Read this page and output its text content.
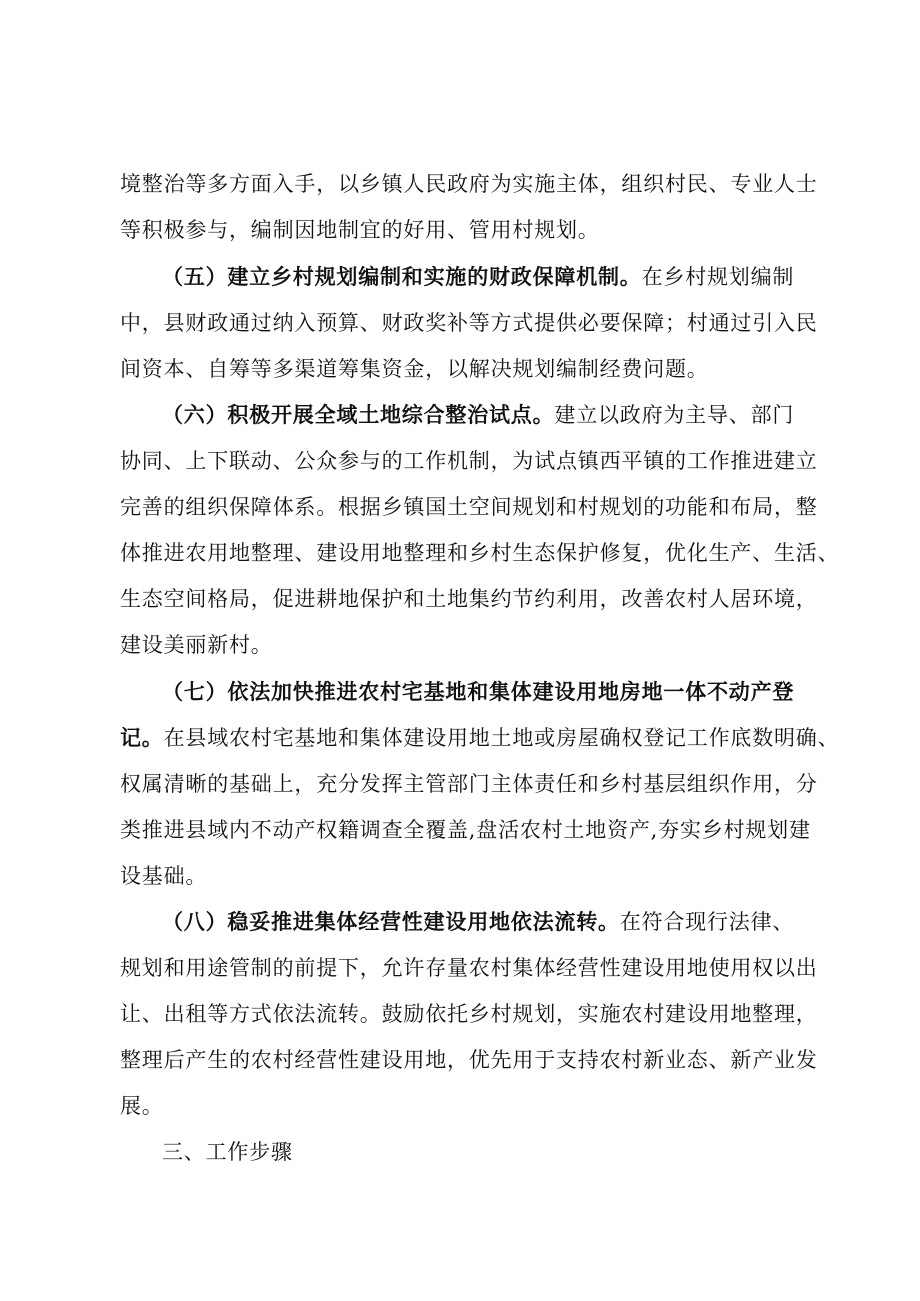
境整治等多方面入手，以乡镇人民政府为实施主体，组织村民、专业人士
等积极参与，编制因地制宜的好用、管用村规划。
（五）建立乡村规划编制和实施的财政保障机制。在乡村规划编制
中，县财政通过纳入预算、财政奖补等方式提供必要保障；村通过引入民
间资本、自筹等多渠道筹集资金，以解决规划编制经费问题。
（六）积极开展全域土地综合整治试点。建立以政府为主导、部门
协同、上下联动、公众参与的工作机制，为试点镇西平镇的工作推进建立
完善的组织保障体系。根据乡镇国土空间规划和村规划的功能和布局，整
体推进农用地整理、建设用地整理和乡村生态保护修复，优化生产、生活、
生态空间格局，促进耕地保护和土地集约节约利用，改善农村人居环境，
建设美丽新村。
（七）依法加快推进农村宅基地和集体建设用地房地一体不动产登
记。在县域农村宅基地和集体建设用地土地或房屋确权登记工作底数明确、
权属清晰的基础上，充分发挥主管部门主体责任和乡村基层组织作用，分
类推进县域内不动产权籍调查全覆盖,盘活农村土地资产,夯实乡村规划建
设基础。
（八）稳妥推进集体经营性建设用地依法流转。在符合现行法律、
规划和用途管制的前提下，允许存量农村集体经营性建设用地使用权以出
让、出租等方式依法流转。鼓励依托乡村规划，实施农村建设用地整理，
整理后产生的农村经营性建设用地，优先用于支持农村新业态、新产业发
展。
三、工作步骤
